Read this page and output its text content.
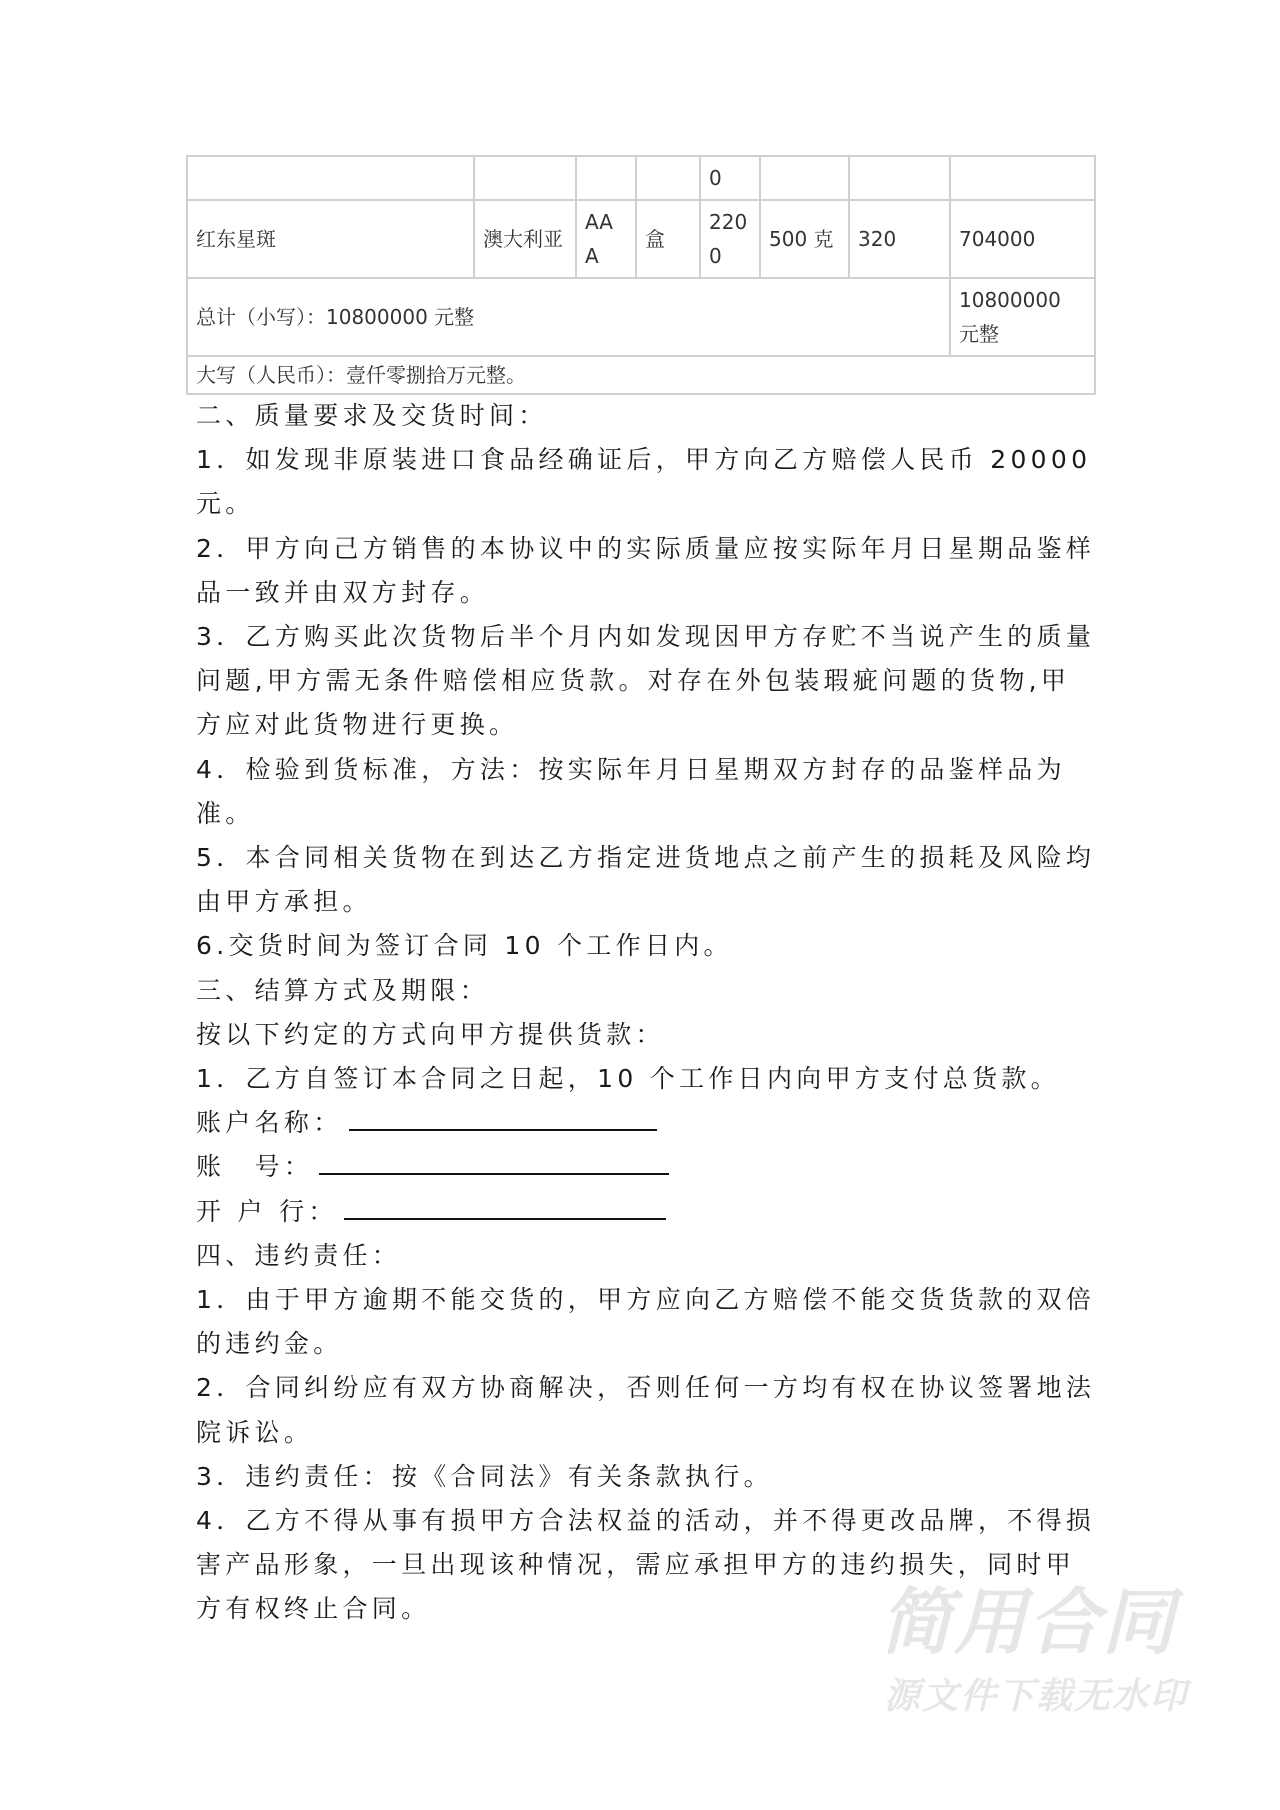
				0			
红东星斑	澳大利亚	AAA	盒	2200	500 克	320	704000
总计（小写）：10800000 元整							10800000 元整
大写（人民币）：壹仟零捌拾万元整。							

二、质量要求及交货时间：

1．如发现非原装进口食品经确证后，甲方向乙方赔偿人民币 20000 元。

2．甲方向己方销售的本协议中的实际质量应按实际年月日星期品鉴样品一致并由双方封存。

3．乙方购买此次货物后半个月内如发现因甲方存贮不当说产生的质量问题,甲方需无条件赔偿相应货款。对存在外包装瑕疵问题的货物,甲方应对此货物进行更换。

4．检验到货标准，方法：按实际年月日星期双方封存的品鉴样品为准。

5．本合同相关货物在到达乙方指定进货地点之前产生的损耗及风险均由甲方承担。

6.交货时间为签订合同 10 个工作日内。

三、结算方式及期限：

按以下约定的方式向甲方提供货款：

1．乙方自签订本合同之日起，10 个工作日内向甲方支付总货款。

账户名称：

账　号：

开 户 行：

四、违约责任：

1．由于甲方逾期不能交货的，甲方应向乙方赔偿不能交货货款的双倍的违约金。

2．合同纠纷应有双方协商解决，否则任何一方均有权在协议签署地法院诉讼。

3．违约责任：按《合同法》有关条款执行。

4．乙方不得从事有损甲方合法权益的活动，并不得更改品牌，不得损害产品形象，一旦出现该种情况，需应承担甲方的违约损失，同时甲方有权终止合同。	简用合同
源文件下载无水印
